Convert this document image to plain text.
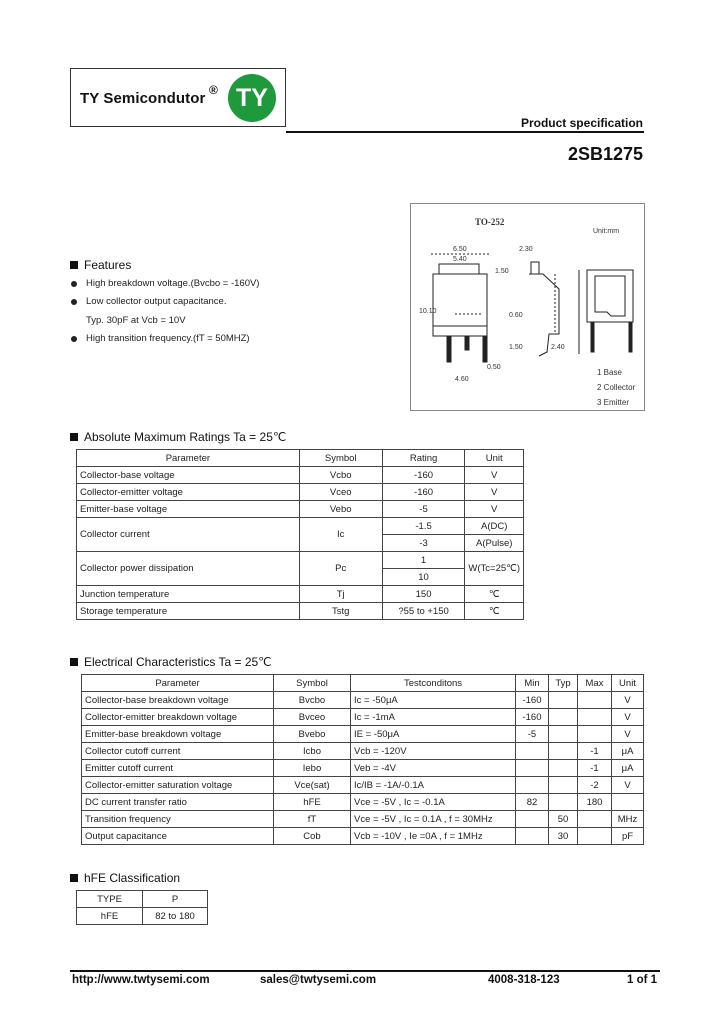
TY Semicondutor ® TY
Product specification
2SB1275
TO-252
Unit:mm
6.50
5.40
2.30
1.50
10.10
4.60
0.50
2.40
0.60
1.50
1 Base
2 Collector
3 Emitter
Features
High breakdown voltage.(Bvcbo = -160V)
Low collector output capacitance.
Typ. 30pF at Vcb = 10V
High transition frequency.(fT = 50MHZ)
Absolute Maximum Ratings Ta = 25℃
Parameter	Symbol	Rating	Unit
Collector-base voltage	Vcbo	-160	V
Collector-emitter voltage	Vceo	-160	V
Emitter-base voltage	Vebo	-5	V
Collector current	Ic	-1.5	A(DC)
		-3	A(Pulse)
Collector power dissipation	Pc	1	W(Tc=25℃)
		10	
Junction temperature	Tj	150	℃
Storage temperature	Tstg	?55 to +150	℃
Electrical Characteristics Ta = 25℃
Parameter	Symbol	Testconditons	Min	Typ	Max	Unit
Collector-base breakdown voltage	Bvcbo	Ic = -50μA	-160			V
Collector-emitter breakdown voltage	Bvceo	Ic = -1mA	-160			V
Emitter-base breakdown voltage	Bvebo	IE = -50μA	-5			V
Collector cutoff current	Icbo	Vcb = -120V			-1	μA
Emitter cutoff current	Iebo	Veb = -4V			-1	μA
Collector-emitter saturation voltage	Vce(sat)	Ic/IB = -1A/-0.1A			-2	V
DC current transfer ratio	hFE	Vce = -5V , Ic = -0.1A	82		180	
Transition frequency	fT	Vce = -5V , Ic = 0.1A , f = 30MHz		50		MHz
Output capacitance	Cob	Vcb = -10V , Ie =0A , f = 1MHz		30		pF
hFE Classification
TYPE	P
hFE	82 to 180
http://www.twtysemi.com	sales@twtysemi.com	4008-318-123	1 of 1
